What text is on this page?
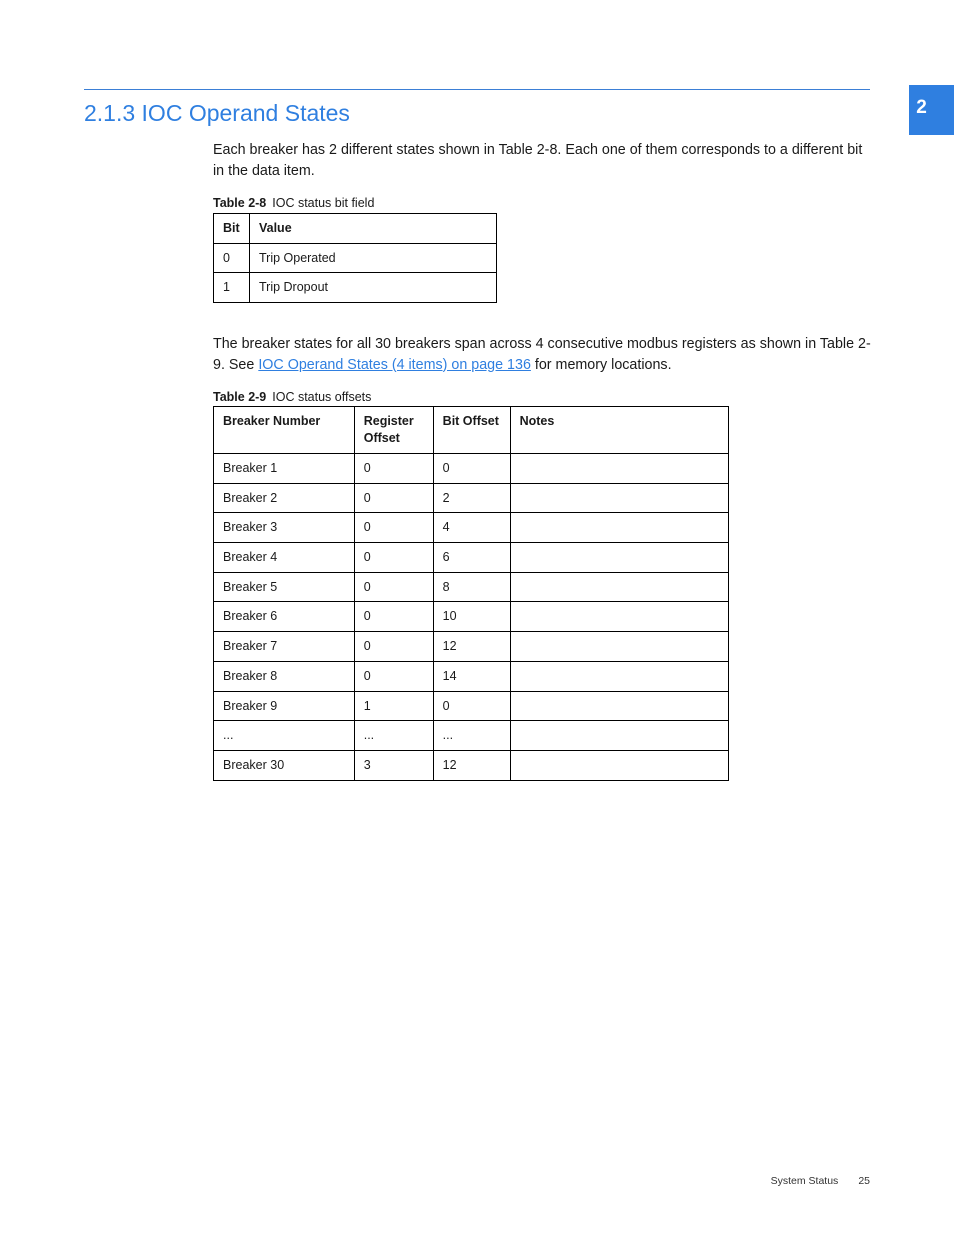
2
2.1.3 IOC Operand States

Each breaker has 2 different states shown in Table 2-8. Each one of them corresponds to a different bit in the data item.

Table 2-8 IOC status bit field

Bit	Value
0	Trip Operated
1	Trip Dropout

The breaker states for all 30 breakers span across 4 consecutive modbus registers as shown in Table 2-9. See IOC Operand States (4 items) on page 136 for memory locations.

Table 2-9 IOC status offsets

Breaker Number	Register Offset	Bit Offset	Notes
Breaker 1	0	0	
Breaker 2	0	2	
Breaker 3	0	4	
Breaker 4	0	6	
Breaker 5	0	8	
Breaker 6	0	10	
Breaker 7	0	12	
Breaker 8	0	14	
Breaker 9	1	0	
...	...	...	
Breaker 30	3	12	
System Status 25
